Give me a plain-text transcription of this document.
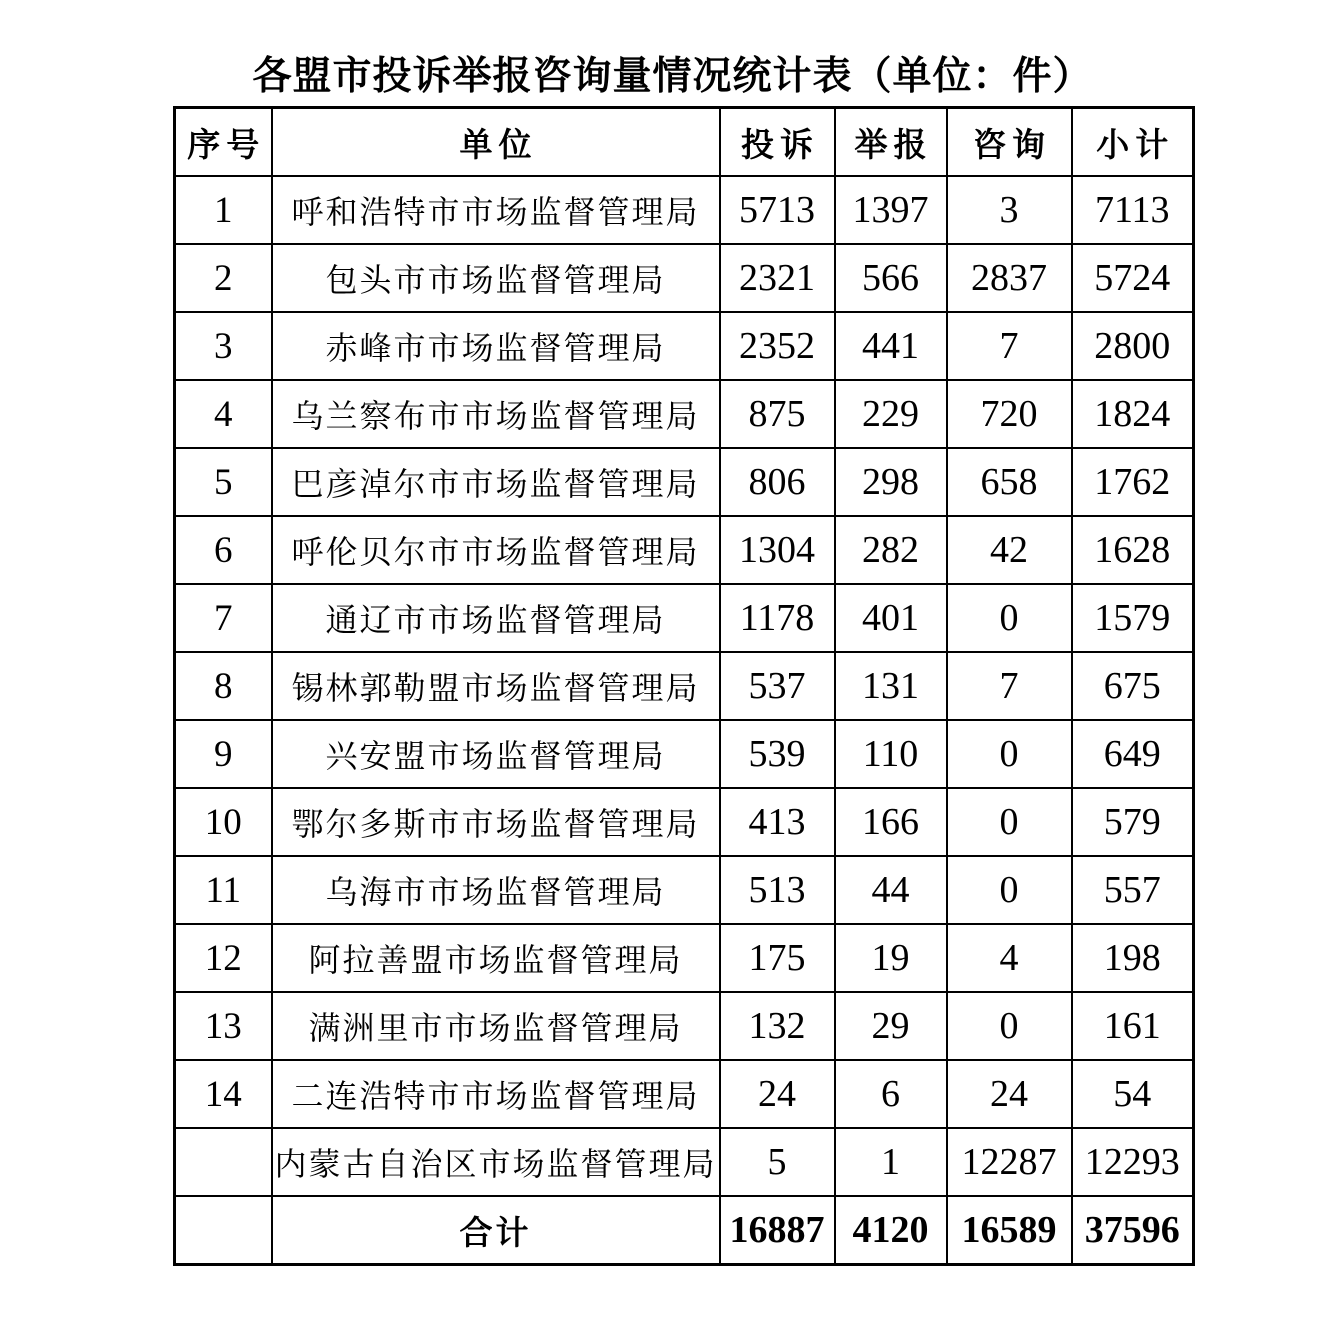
各盟市投诉举报咨询量情况统计表（单位：件）
序号	单位	投诉	举报	咨询	小计
1	呼和浩特市市场监督管理局	5713	1397	3	7113
2	包头市市场监督管理局	2321	566	2837	5724
3	赤峰市市场监督管理局	2352	441	7	2800
4	乌兰察布市市场监督管理局	875	229	720	1824
5	巴彦淖尔市市场监督管理局	806	298	658	1762
6	呼伦贝尔市市场监督管理局	1304	282	42	1628
7	通辽市市场监督管理局	1178	401	0	1579
8	锡林郭勒盟市场监督管理局	537	131	7	675
9	兴安盟市场监督管理局	539	110	0	649
10	鄂尔多斯市市场监督管理局	413	166	0	579
11	乌海市市场监督管理局	513	44	0	557
12	阿拉善盟市场监督管理局	175	19	4	198
13	满洲里市市场监督管理局	132	29	0	161
14	二连浩特市市场监督管理局	24	6	24	54
	内蒙古自治区市场监督管理局	5	1	12287	12293
	合计	16887	4120	16589	37596
